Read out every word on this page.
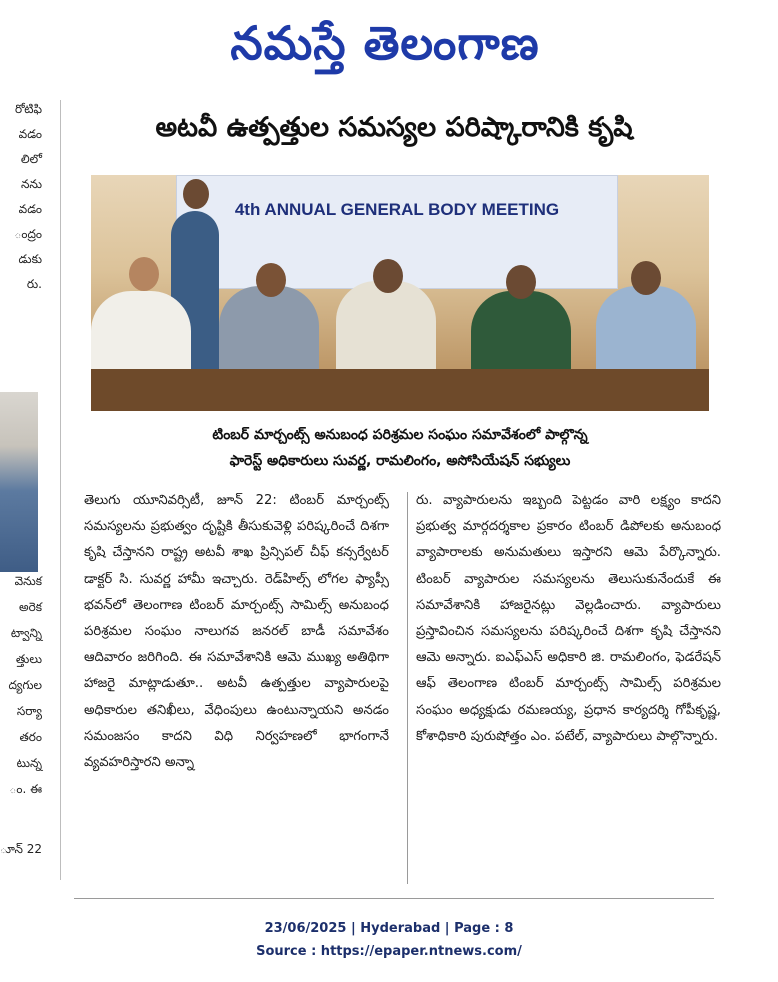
నమస్తే తెలంగాణ
రోటిఫి
వడం
లిలో
నను
వడం
ంద్రం
డుకు
రు.
వెనుక
అరెక
ట్వాన్ని
త్తులు
ద్యగుల
సర్యా
తరం
టున్న
ం. ఈ
ూన్ 22
అటవీ ఉత్పత్తుల సమస్యల పరిష్కారానికి కృషి
4th ANNUAL GENERAL BODY MEETING
టింబర్ మార్చంట్స్ అనుబంధ పరిశ్రమల సంఘం సమావేశంలో పాల్గొన్న
ఫారెస్ట్ అధికారులు సువర్ణ, రామలింగం, అసోసియేషన్ సభ్యులు

తెలుగు యూనివర్సిటీ, జూన్ 22: టింబర్ మార్చంట్స్ సమస్యలను ప్రభుత్వం దృష్టికి తీసుకువెళ్లి పరిష్కరించే దిశగా కృషి చేస్తానని రాష్ట్ర అటవీ శాఖ ప్రిన్సిపల్ చీఫ్ కన్సర్వేటర్ డాక్టర్ సి. సువర్ణ హామీ ఇచ్చారు. రెడ్‌హిల్స్ లోగల ఫ్యాప్సీ భవన్‌లో తెలంగాణ టింబర్ మార్చంట్స్ సామిల్స్ అనుబంధ పరిశ్రమల సంఘం నాలుగవ జనరల్ బాడీ సమావేశం ఆదివారం జరిగింది. ఈ సమావేశానికి ఆమె ముఖ్య అతిథిగా హాజరై మాట్లాడుతూ.. అటవీ ఉత్పత్తుల వ్యాపారులపై అధికారుల తనిఖీలు, వేధింపులు ఉంటున్నాయని అనడం సమంజసం కాదని విధి నిర్వహణలో భాగంగానే వ్యవహరిస్తారని అన్నా

రు. వ్యాపారులను ఇబ్బంది పెట్టడం వారి లక్ష్యం కాదని ప్రభుత్వ మార్గదర్శకాల ప్రకారం టింబర్ డిపోలకు అనుబంధ వ్యాపారాలకు అనుమతులు ఇస్తారని ఆమె పేర్కొన్నారు. టింబర్ వ్యాపారుల సమస్యలను తెలుసుకునేందుకే ఈ సమావేశానికి హాజరైనట్లు వెల్లడించారు. వ్యాపారులు ప్రస్తావించిన సమస్యలను పరిష్కరించే దిశగా కృషి చేస్తానని ఆమె అన్నారు. ఐఎఫ్ఎస్ అధికారి జి. రామలింగం, ఫెడరేషన్ ఆఫ్ తెలంగాణ టింబర్ మార్చంట్స్ సామిల్స్ పరిశ్రమల సంఘం అధ్యక్షుడు రమణయ్య, ప్రధాన కార్యదర్శి గోపీకృష్ణ, కోశాధికారి పురుషోత్తం ఎం. పటేల్, వ్యాపారులు పాల్గొన్నారు.

23/06/2025 | Hyderabad | Page : 8
Source : https://epaper.ntnews.com/
